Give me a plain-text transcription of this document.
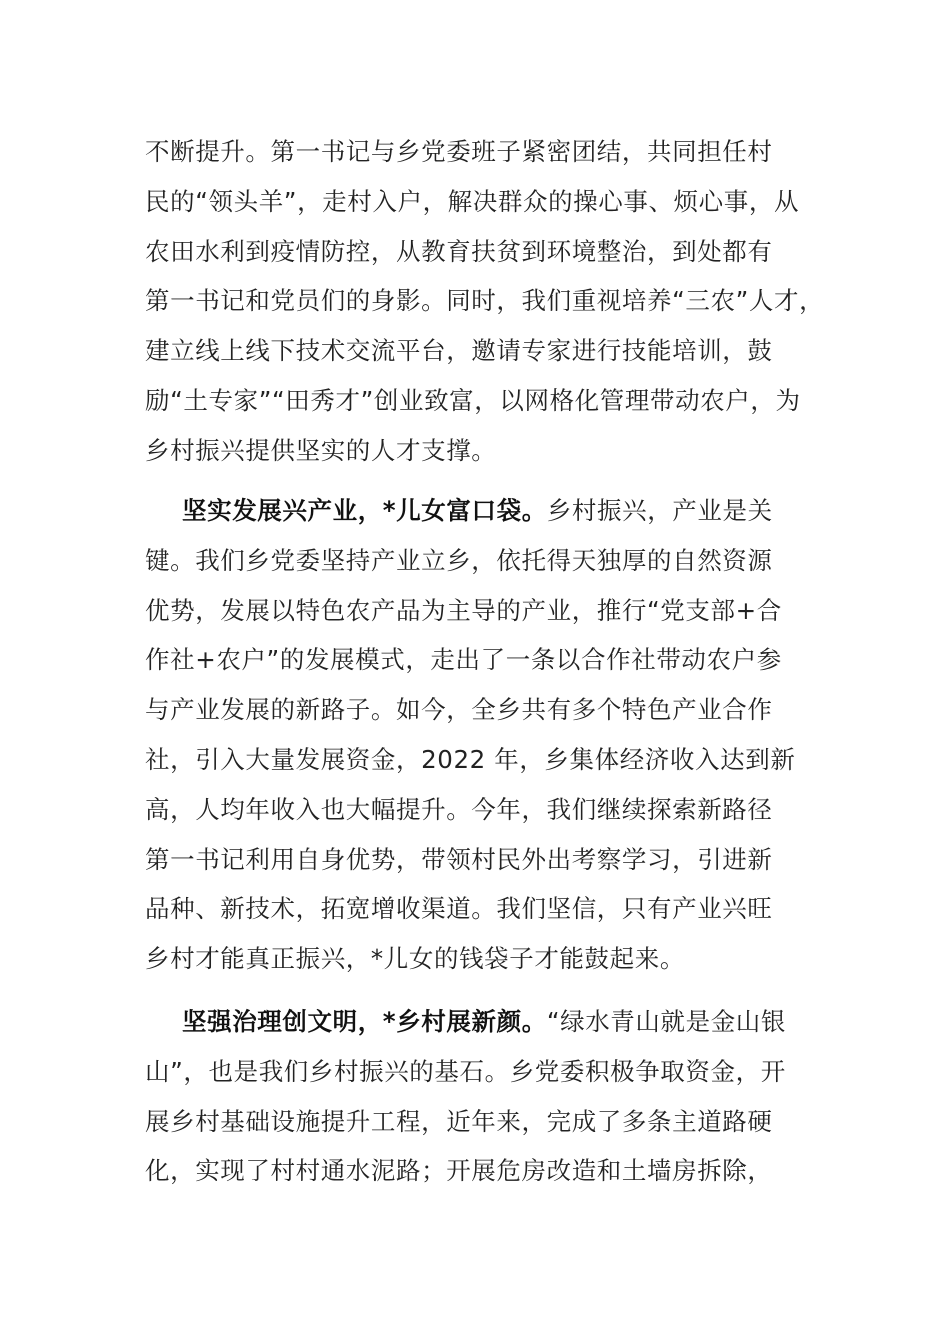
不断提升。第一书记与乡党委班子紧密团结，共同担任村
民的“领头羊”，走村入户，解决群众的操心事、烦心事，从
农田水利到疫情防控，从教育扶贫到环境整治，到处都有
第一书记和党员们的身影。同时，我们重视培养“三农”人才，
建立线上线下技术交流平台，邀请专家进行技能培训，鼓
励“土专家”“田秀才”创业致富，以网格化管理带动农户，为
乡村振兴提供坚实的人才支撑。

坚实发展兴产业，*儿女富口袋。乡村振兴，产业是关

键。我们乡党委坚持产业立乡，依托得天独厚的自然资源
优势，发展以特色农产品为主导的产业，推行“党支部+合
作社+农户”的发展模式，走出了一条以合作社带动农户参
与产业发展的新路子。如今，全乡共有多个特色产业合作
社，引入大量发展资金，2022 年，乡集体经济收入达到新
高，人均年收入也大幅提升。今年，我们继续探索新路径
第一书记利用自身优势，带领村民外出考察学习，引进新
品种、新技术，拓宽增收渠道。我们坚信，只有产业兴旺
乡村才能真正振兴，*儿女的钱袋子才能鼓起来。

坚强治理创文明，*乡村展新颜。“绿水青山就是金山银

山”，也是我们乡村振兴的基石。乡党委积极争取资金，开
展乡村基础设施提升工程，近年来，完成了多条主道路硬
化，实现了村村通水泥路；开展危房改造和土墙房拆除，
